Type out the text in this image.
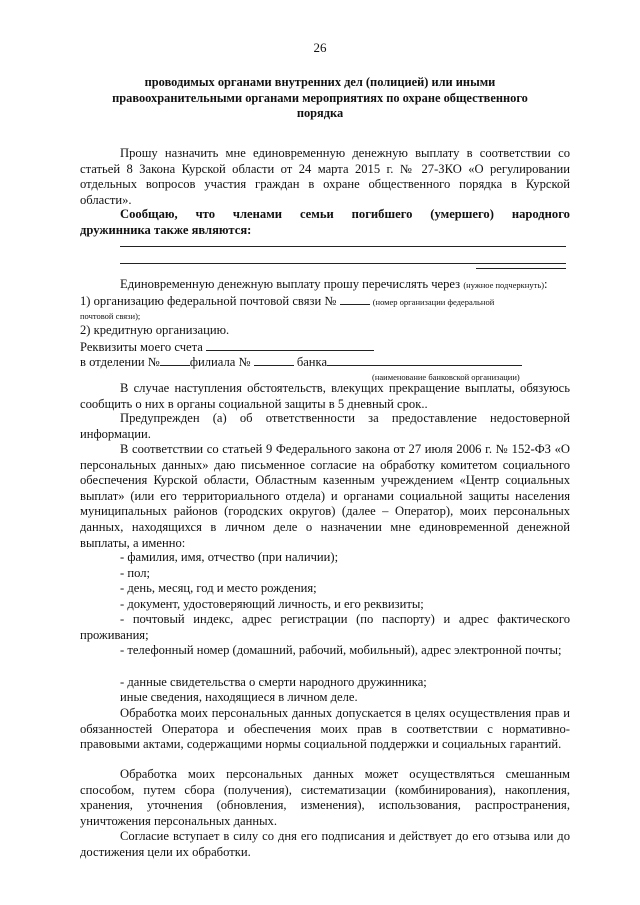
26
проводимых органами внутренних дел (полицией) или иными
правоохранительными органами мероприятиях по охране общественного
порядка
Прошу назначить мне единовременную денежную выплату в соответствии со статьей 8 Закона Курской области от 24 марта 2015 г. № 27-ЗКО «О регулировании отдельных вопросов участия граждан в охране общественного порядка в Курской области».
Сообщаю, что членами семьи погибшего (умершего) народного
дружинника также являются:
Единовременную денежную выплату прошу перечислять через (нужное подчеркнуть):
1) организацию федеральной почтовой связи №	(номер организации федеральной
почтовой связи);
2) кредитную организацию.
Реквизиты моего счета
в отделении № филиала №	банка
(наименование банковской организации)
В случае наступления обстоятельств, влекущих прекращение выплаты, обязуюсь сообщить о них в органы социальной защиты в 5 дневный срок..
Предупрежден (а) об ответственности за предоставление недостоверной информации.
В соответствии со статьей 9 Федерального закона от 27 июля 2006 г. № 152-ФЗ «О персональных данных» даю письменное согласие на обработку комитетом социального обеспечения Курской области, Областным казенным учреждением «Центр социальных выплат» (или его территориального отдела) и органами социальной защиты населения муниципальных районов (городских округов) (далее – Оператор), моих персональных данных, находящихся в личном деле о назначении мне единовременной денежной выплаты, а именно:
- фамилия, имя, отчество (при наличии);
- пол;
- день, месяц, год и место рождения;
- документ, удостоверяющий личность, и его реквизиты;
- почтовый индекс, адрес регистрации (по паспорту) и адрес фактического проживания;
- телефонный номер (домашний, рабочий, мобильный), адрес электронной почты;
- данные свидетельства о смерти народного дружинника;
иные сведения, находящиеся в личном деле.
Обработка моих персональных данных допускается в целях осуществления прав и обязанностей Оператора и обеспечения моих прав в соответствии с нормативно-правовыми актами, содержащими нормы социальной поддержки и социальных гарантий.
Обработка моих персональных данных может осуществляться смешанным способом, путем сбора (получения), систематизации (комбинирования), накопления, хранения, уточнения (обновления, изменения), использования, распространения, уничтожения персональных данных.
Согласие вступает в силу со дня его подписания и действует до его отзыва или до достижения цели их обработки.
